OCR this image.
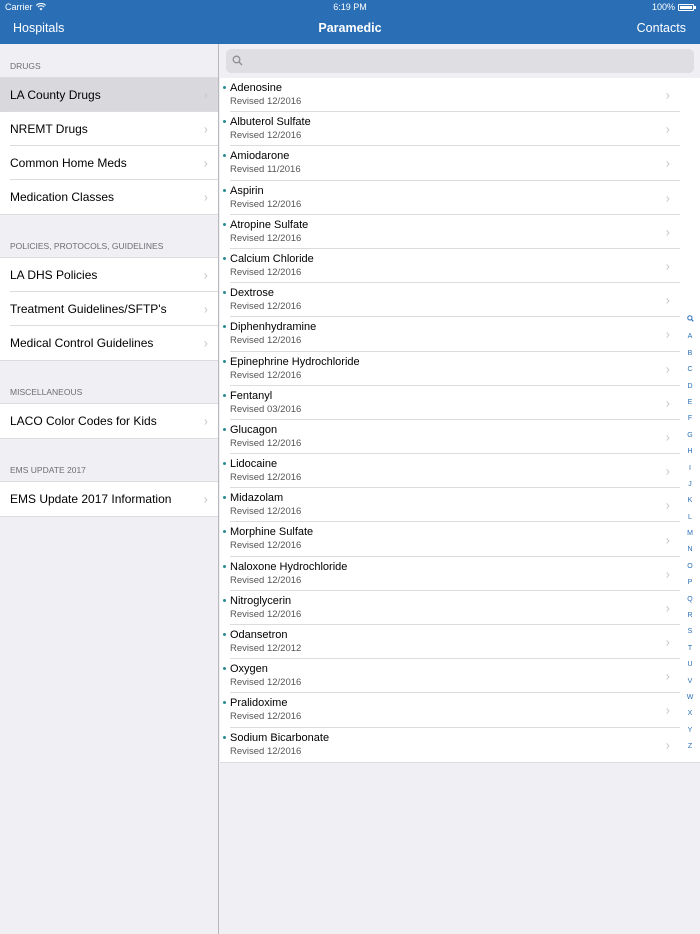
Carrier	6:19 PM	100%
Hospitals	Paramedic	Contacts
DRUGS
LA County Drugs	›
NREMT Drugs	›
Common Home Meds	›
Medication Classes	›
POLICIES, PROTOCOLS, GUIDELINES
LA DHS Policies	›
Treatment Guidelines/SFTP's	›
Medical Control Guidelines	›
MISCELLANEOUS
LACO Color Codes for Kids	›
EMS UPDATE 2017
EMS Update 2017 Information ›
Adenosine
Revised 12/2016	›
Albuterol Sulfate
Revised 12/2016	›
Amiodarone
Revised 11/2016	›
Aspirin
Revised 12/2016	›
Atropine Sulfate
Revised 12/2016	›
Calcium Chloride
Revised 12/2016	›
Dextrose
Revised 12/2016	›
Diphenhydramine
Revised 12/2016	›
Epinephrine Hydrochloride
Revised 12/2016	›
Fentanyl
Revised 03/2016	›
Glucagon
Revised 12/2016	›
Lidocaine
Revised 12/2016	›
Midazolam
Revised 12/2016	›
Morphine Sulfate
Revised 12/2016	›
Naloxone Hydrochloride
Revised 12/2016	›
Nitroglycerin
Revised 12/2016	›
Odansetron
Revised 12/2012	›
Oxygen
Revised 12/2016	›
Pralidoxime
Revised 12/2016	›
Sodium Bicarbonate
Revised 12/2016	›
A
B
C
D
E
F
G
H
I
J
K
L
M
N
O
P
Q
R
S
T
U
V
W
X
Y
Z
